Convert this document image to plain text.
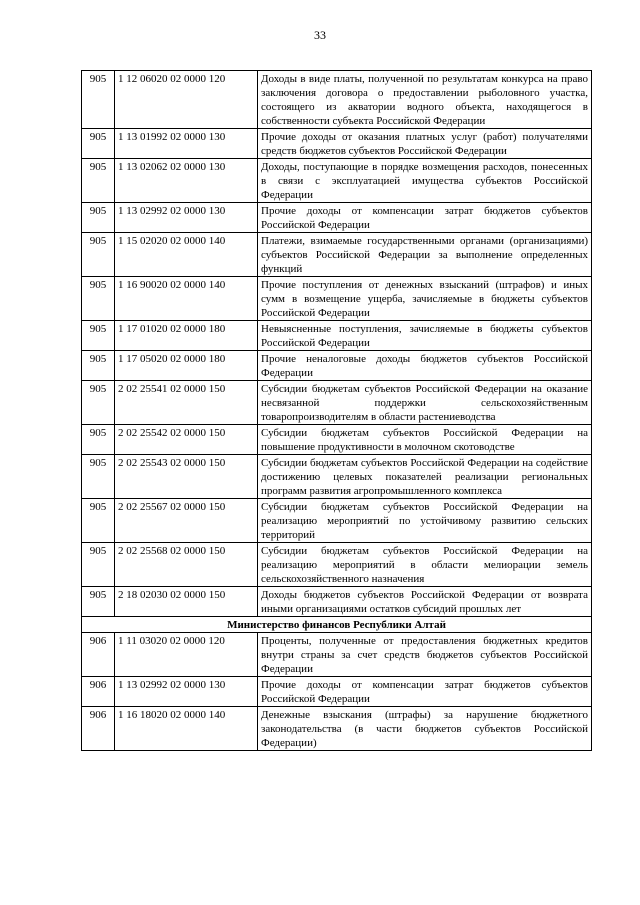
33
905	1 12 06020 02 0000 120	Доходы в виде платы, полученной по результатам конкурса на право заключения договора о предоставлении рыболовного участка, состоящего из акватории водного объекта, находящегося в собственности субъекта Российской Федерации
905	1 13 01992 02 0000 130	Прочие доходы от оказания платных услуг (работ) получателями средств бюджетов субъектов Российской Федерации
905	1 13 02062 02 0000 130	Доходы, поступающие в порядке возмещения расходов, понесенных в связи с эксплуатацией имущества субъектов Российской Федерации
905	1 13 02992 02 0000 130	Прочие доходы от компенсации затрат бюджетов субъектов Российской Федерации
905	1 15 02020 02 0000 140	Платежи, взимаемые государственными органами (организациями) субъектов Российской Федерации за выполнение определенных функций
905	1 16 90020 02 0000 140	Прочие поступления от денежных взысканий (штрафов) и иных сумм в возмещение ущерба, зачисляемые в бюджеты субъектов Российской Федерации
905	1 17 01020 02 0000 180	Невыясненные поступления, зачисляемые в бюджеты субъектов Российской Федерации
905	1 17 05020 02 0000 180	Прочие неналоговые доходы бюджетов субъектов Российской Федерации
905	2 02 25541 02 0000 150	Субсидии бюджетам субъектов Российской Федерации на оказание несвязанной поддержки сельскохозяйственным товаропроизводителям в области растениеводства
905	2 02 25542 02 0000 150	Субсидии бюджетам субъектов Российской Федерации на повышение продуктивности в молочном скотоводстве
905	2 02 25543 02 0000 150	Субсидии бюджетам субъектов Российской Федерации на содействие достижению целевых показателей реализации региональных программ развития агропромышленного комплекса
905	2 02 25567 02 0000 150	Субсидии бюджетам субъектов Российской Федерации на реализацию мероприятий по устойчивому развитию сельских территорий
905	2 02 25568 02 0000 150	Субсидии бюджетам субъектов Российской Федерации на реализацию мероприятий в области мелиорации земель сельскохозяйственного назначения
905	2 18 02030 02 0000 150	Доходы бюджетов субъектов Российской Федерации от возврата иными организациями остатков субсидий прошлых лет
Министерство финансов Республики Алтай		
906	1 11 03020 02 0000 120	Проценты, полученные от предоставления бюджетных кредитов внутри страны за счет средств бюджетов субъектов Российской Федерации
906	1 13 02992 02 0000 130	Прочие доходы от компенсации затрат бюджетов субъектов Российской Федерации
906	1 16 18020 02 0000 140	Денежные взыскания (штрафы) за нарушение бюджетного законодательства (в части бюджетов субъектов Российской Федерации)
